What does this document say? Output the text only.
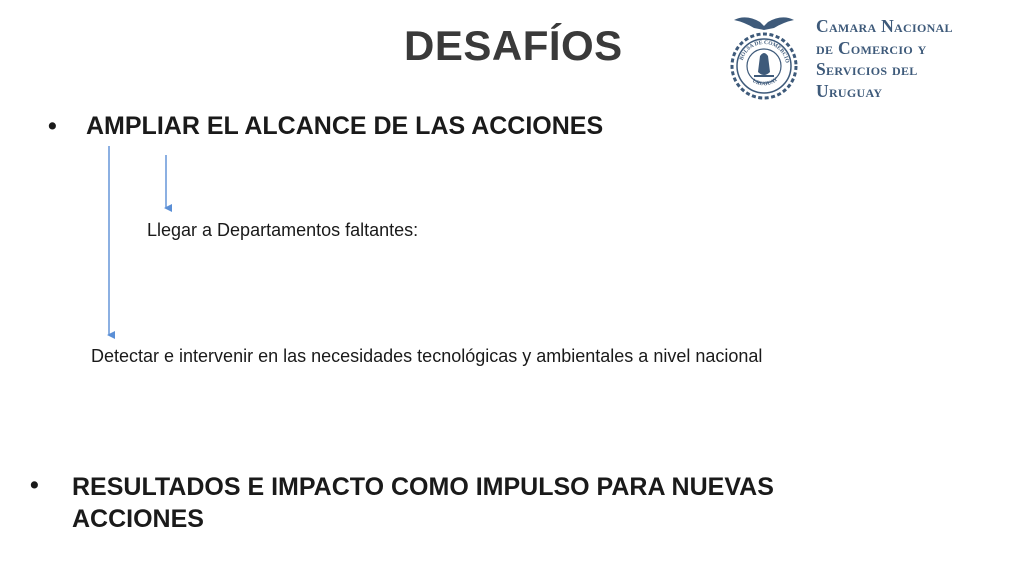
DESAFÍOS	BOLSA DE COMERCIO
URUGUAY
Camara Nacional
de Comercio y
Servicios del
Uruguay
• AMPLIAR EL ALCANCE DE LAS ACCIONES
Llegar a Departamentos faltantes:
Detectar e intervenir en las necesidades tecnológicas y ambientales a nivel nacional
• RESULTADOS E IMPACTO COMO IMPULSO PARA NUEVAS ACCIONES
